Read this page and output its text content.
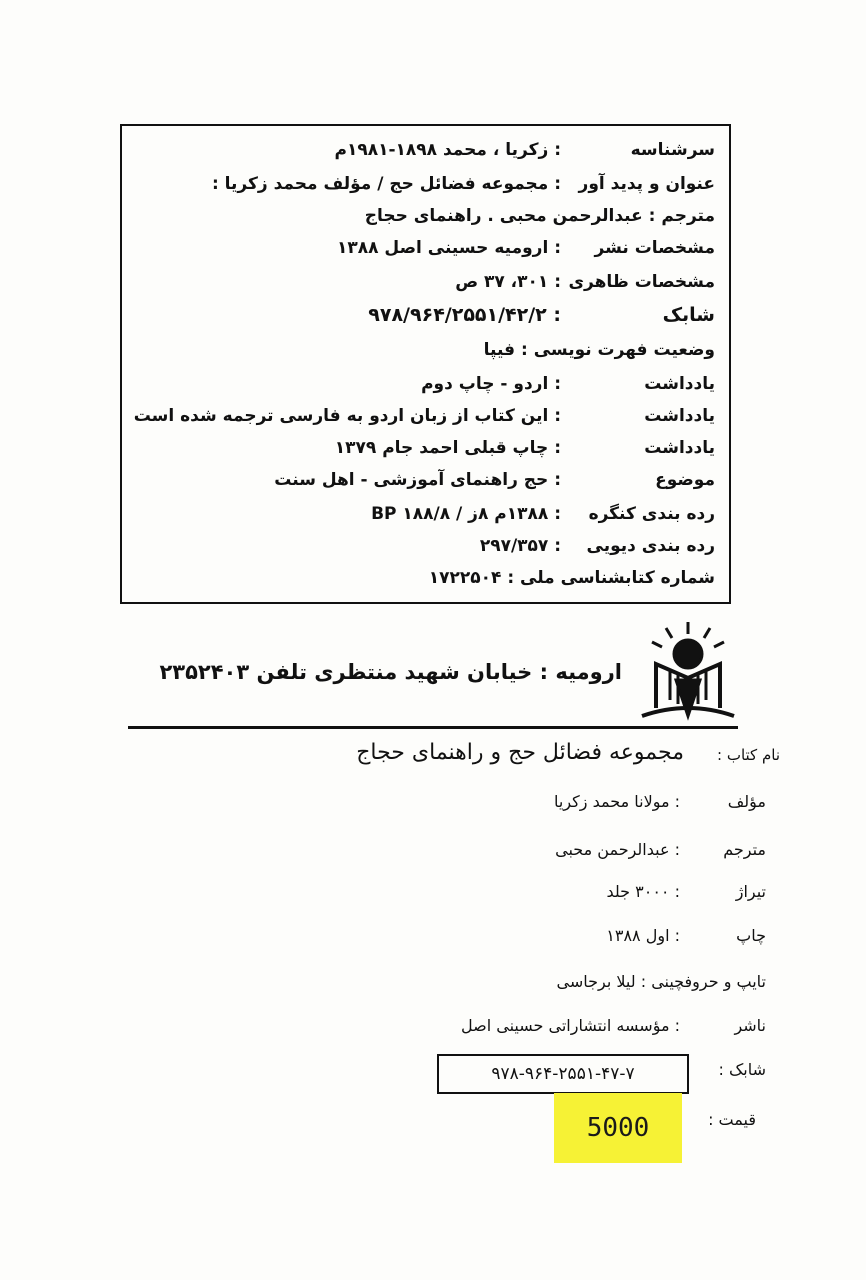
سرشناسه
: زکریا ، محمد ۱۸۹۸-۱۹۸۱م
عنوان و پدید آور
: مجموعه فضائل حج / مؤلف محمد زکریا :
مترجم : عبدالرحمن محبی . راهنمای حجاج
مشخصات نشر
: ارومیه حسینی اصل ۱۳۸۸
مشخصات ظاهری
: ۳۰۱، ۳۷ ص
شابک
: ۹۷۸/۹۶۴/۲۵۵۱/۴۲/۲
وضعیت فهرت نویسی : فیپا
یادداشت
: اردو - چاپ دوم
یادداشت
: این کتاب از زبان اردو به فارسی ترجمه شده است
یادداشت
: چاپ قبلی احمد جام ۱۳۷۹
موضوع
: حج راهنمای آموزشی - اهل سنت
رده بندی کنگره
: ۱۳۸۸م ۸ز / ۱۸۸/۸ BP
رده بندی دیویی
: ۲۹۷/۳۵۷
شماره کتابشناسی ملی : ۱۷۲۲۵۰۴
ارومیه : خیابان شهید منتظری تلفن ۲۳۵۲۴۰۳
نام کتاب :
مجموعه فضائل حج و راهنمای حجاج
مؤلف
: مولانا محمد زکریا
مترجم
: عبدالرحمن محبی
تیراژ
: ۳۰۰۰ جلد
چاپ
: اول ۱۳۸۸
تایپ و حروفچینی : لیلا برجاسی
ناشر
: مؤسسه انتشاراتی حسینی اصل
شابک :
۹۷۸-۹۶۴-۲۵۵۱-۴۷-۷
قیمت :
5000
